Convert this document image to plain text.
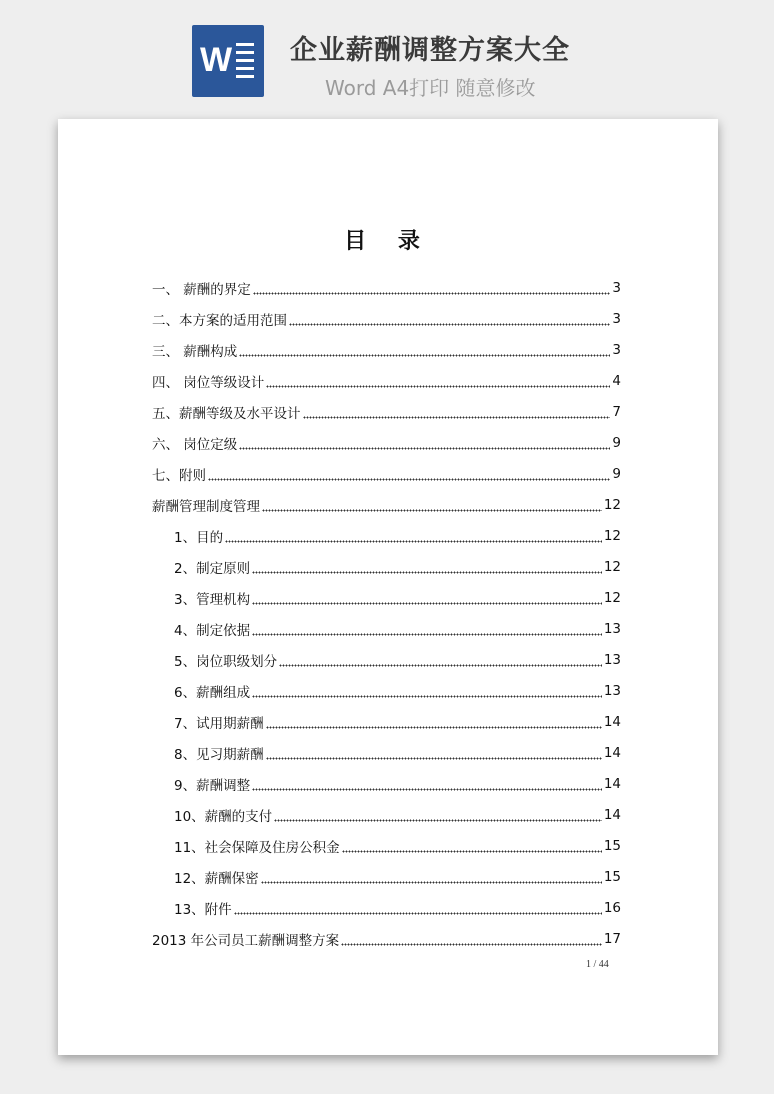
W 企业薪酬调整方案大全
Word A4打印 随意修改
目 录
一、 薪酬的界定	3
二、本方案的适用范围	3
三、 薪酬构成	3
四、 岗位等级设计	4
五、薪酬等级及水平设计	7
六、 岗位定级	9
七、附则	9
薪酬管理制度管理	12
1、目的	12
2、制定原则	12
3、管理机构	12
4、制定依据	13
5、岗位职级划分	13
6、薪酬组成	13
7、试用期薪酬	14
8、见习期薪酬	14
9、薪酬调整	14
10、薪酬的支付	14
11、社会保障及住房公积金	15
12、薪酬保密	15
13、附件	16
2013 年公司员工薪酬调整方案	17
1 / 44
